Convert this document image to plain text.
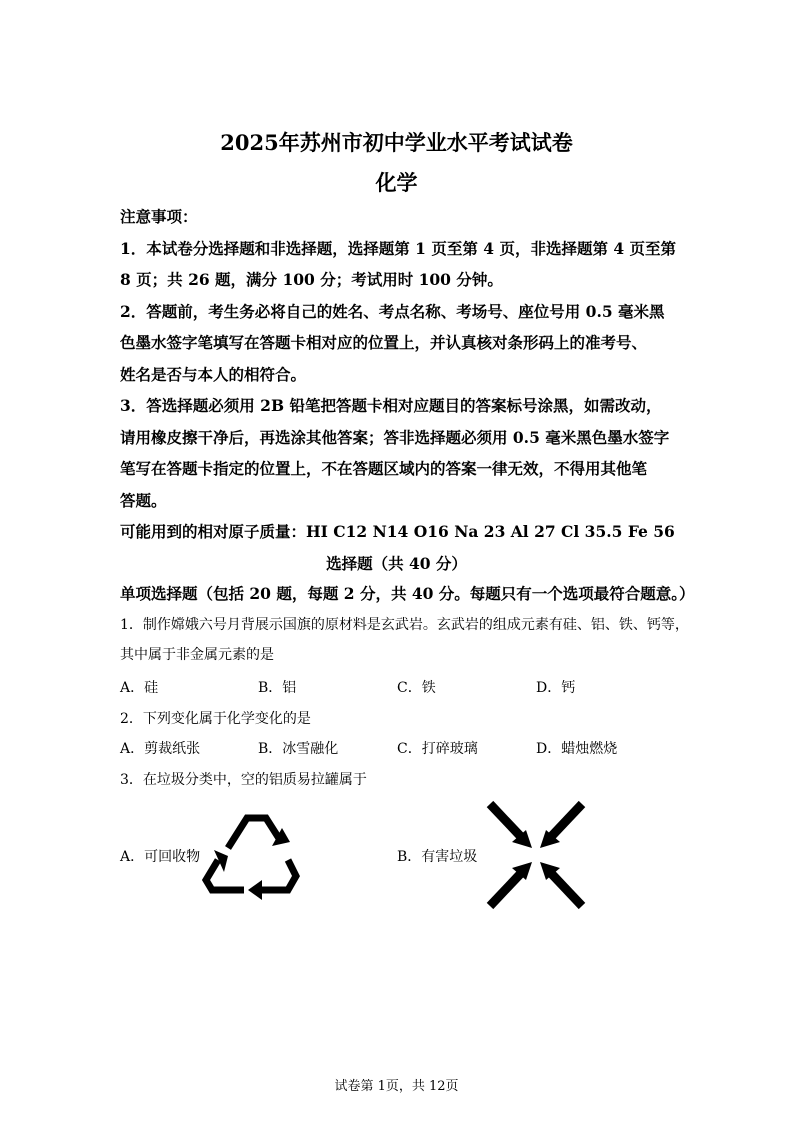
2025年苏州市初中学业水平考试试卷
化学
注意事项：
1．本试卷分选择题和非选择题，选择题第 1 页至第 4 页，非选择题第 4 页至第
8 页；共 26 题，满分 100 分；考试用时 100 分钟。
2．答题前，考生务必将自己的姓名、考点名称、考场号、座位号用 0.5 毫米黑
色墨水签字笔填写在答题卡相对应的位置上，并认真核对条形码上的准考号、
姓名是否与本人的相符合。
3．答选择题必须用 2B 铅笔把答题卡相对应题目的答案标号涂黑，如需改动，
请用橡皮擦干净后，再选涂其他答案；答非选择题必须用 0.5 毫米黑色墨水签字
笔写在答题卡指定的位置上，不在答题区域内的答案一律无效，不得用其他笔
答题。
可能用到的相对原子质量：HI C12 N14 O16 Na 23 Al 27 Cl 35.5 Fe 56
选择题（共 40 分）
单项选择题（包括 20 题，每题 2 分，共 40 分。每题只有一个选项最符合题意。）
1．制作嫦娥六号月背展示国旗的原材料是玄武岩。玄武岩的组成元素有硅、铝、铁、钙等，
其中属于非金属元素的是
A．硅	B．铝	C．铁	D．钙
2．下列变化属于化学变化的是
A．剪裁纸张	B．冰雪融化	C．打碎玻璃	D．蜡烛燃烧
3．在垃圾分类中，空的铝质易拉罐属于
A．可回收物	B．有害垃圾
试卷第 1页，共 12页
